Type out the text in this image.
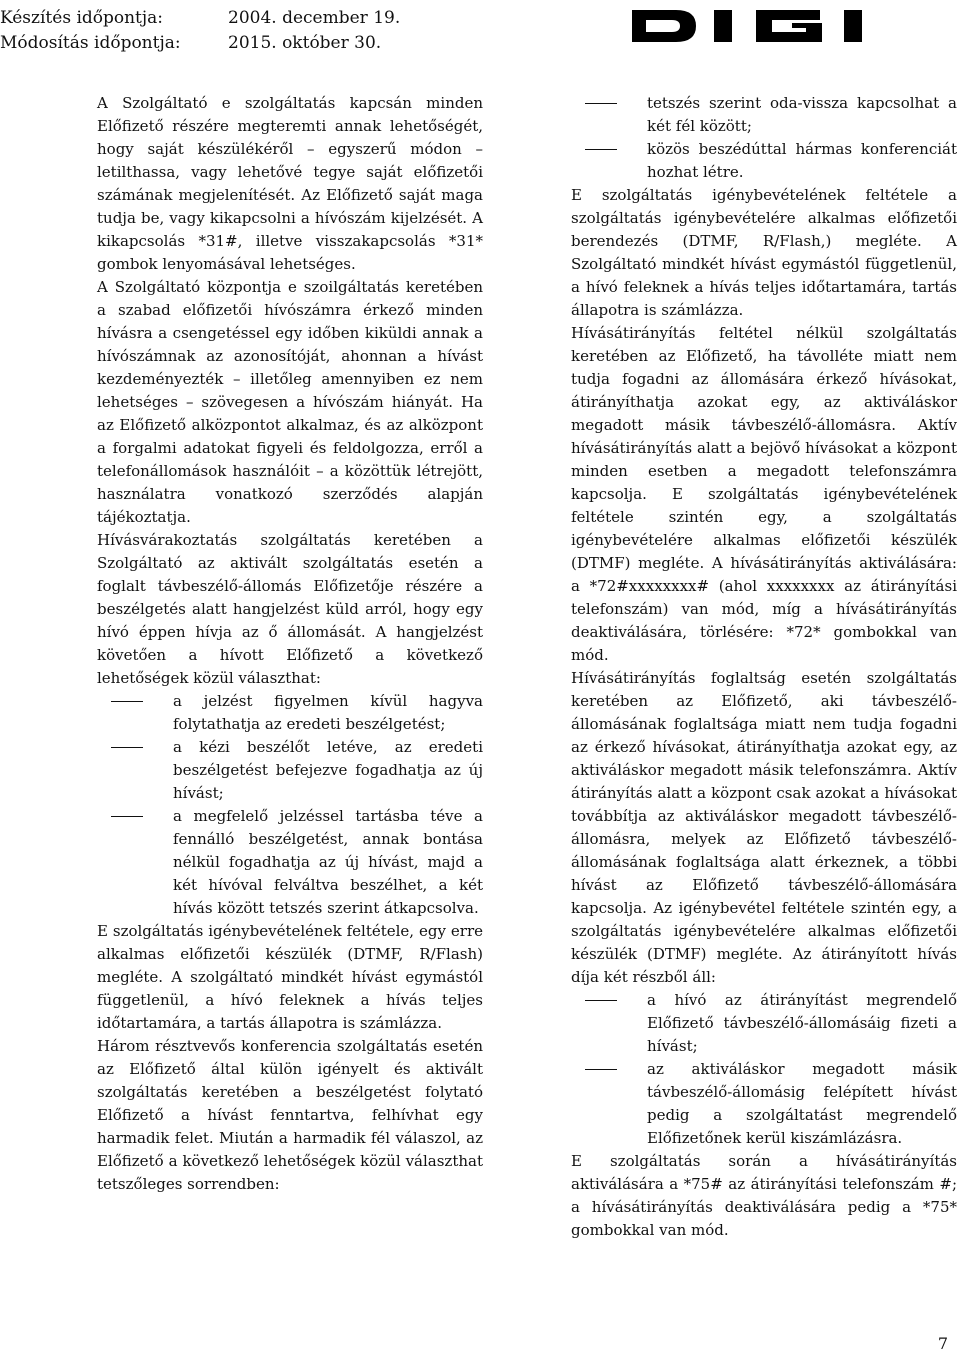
Készítés időpontja:	2004. december 19.
Módosítás időpontja:	2015. október 30.

A Szolgáltató e szolgáltatás kapcsán minden Előfizető részére megteremti annak lehetőségét, hogy saját készülékéről – egyszerű módon – letilthassa, vagy lehetővé tegye saját előfizetői számának megjelenítését. Az Előfizető saját maga tudja be, vagy kikapcsolni a hívószám kijelzését. A kikapcsolás *31#, illetve visszakapcsolás *31* gombok lenyomásával lehetséges.

A Szolgáltató központja e szoilgáltatás keretében a szabad előfizetői hívószámra érkező minden hívásra a csengetéssel egy időben kiküldi annak a hívószámnak az azonosítóját, ahonnan a hívást kezdeményezték – illetőleg amennyiben ez nem lehetséges – szövegesen a hívószám hiányát. Ha az Előfizető alközpontot alkalmaz, és az alközpont a forgalmi adatokat figyeli és feldolgozza, erről a telefonállomások használóit – a közöttük létrejött, használatra vonatkozó szerződés alapján tájékoztatja.

Hívásvárakoztatás szolgáltatás keretében a Szolgáltató az aktivált szolgáltatás esetén a foglalt távbeszélő-állomás Előfizetője részére a beszélgetés alatt hangjelzést küld arról, hogy egy hívó éppen hívja az ő állomását. A hangjelzést követően a hívott Előfizető a következő lehetőségek közül választhat:

a jelzést figyelmen kívül hagyva folytathatja az eredeti beszélgetést;
a kézi beszélőt letéve, az eredeti beszélgetést befejezve fogadhatja az új hívást;
a megfelelő jelzéssel tartásba téve a fennálló beszélgetést, annak bontása nélkül fogadhatja az új hívást, majd a két hívóval felváltva beszélhet, a két hívás között tetszés szerint átkapcsolva.

E szolgáltatás igénybevételének feltétele, egy erre alkalmas előfizetői készülék (DTMF, R/Flash) megléte. A szolgáltató mindkét hívást egymástól függetlenül, a hívó feleknek a hívás teljes időtartamára, a tartás állapotra is számlázza.

Három résztvevős konferencia szolgáltatás esetén az Előfizető által külön igényelt és aktivált szolgáltatás keretében a beszélgetést folytató Előfizető a hívást fenntartva, felhívhat egy harmadik felet. Miután a harmadik fél válaszol, az Előfizető a következő lehetőségek közül választhat tetszőleges sorrendben:

tetszés szerint oda-vissza kapcsolhat a két fél között;
közös beszédúttal hármas konferenciát hozhat létre.

E szolgáltatás igénybevételének feltétele a szolgáltatás igénybevételére alkalmas előfizetői berendezés (DTMF, R/Flash,) megléte. A Szolgáltató mindkét hívást egymástól függetlenül, a hívó feleknek a hívás teljes időtartamára, tartás állapotra is számlázza.

Hívásátirányítás feltétel nélkül szolgáltatás keretében az Előfizető, ha távolléte miatt nem tudja fogadni az állomására érkező hívásokat, átirányíthatja azokat egy, az aktiváláskor megadott másik távbeszélő-állomásra. Aktív hívásátirányítás alatt a bejövő hívásokat a központ minden esetben a megadott telefonszámra kapcsolja. E szolgáltatás igénybevételének feltétele szintén egy, a szolgáltatás igénybevételére alkalmas előfizetői készülék (DTMF) megléte. A hívásátirányítás aktiválására: a *72#xxxxxxxx# (ahol xxxxxxxx az átirányítási telefonszám) van mód, míg a hívásátirányítás deaktiválására, törlésére: *72* gombokkal van mód.

Hívásátirányítás foglaltság esetén szolgáltatás keretében az Előfizető, aki távbeszélő-állomásának foglaltsága miatt nem tudja fogadni az érkező hívásokat, átirányíthatja azokat egy, az aktiváláskor megadott másik telefonszámra. Aktív átirányítás alatt a központ csak azokat a hívásokat továbbítja az aktiváláskor megadott távbeszélő-állomásra, melyek az Előfizető távbeszélő-állomásának foglaltsága alatt érkeznek, a többi hívást az Előfizető távbeszélő-állomására kapcsolja. Az igénybevétel feltétele szintén egy, a szolgáltatás igénybevételére alkalmas előfizetői készülék (DTMF) megléte. Az átirányított hívás díja két részből áll:

a hívó az átirányítást megrendelő Előfizető távbeszélő-állomásáig fizeti a hívást;
az aktiváláskor megadott másik távbeszélő-állomásig felépített hívást pedig a szolgáltatást megrendelő Előfizetőnek kerül kiszámlázásra.

E szolgáltatás során a hívásátirányítás aktiválására a *75# az átirányítási telefonszám #; a hívásátirányítás deaktiválására pedig a *75* gombokkal van mód.

7
